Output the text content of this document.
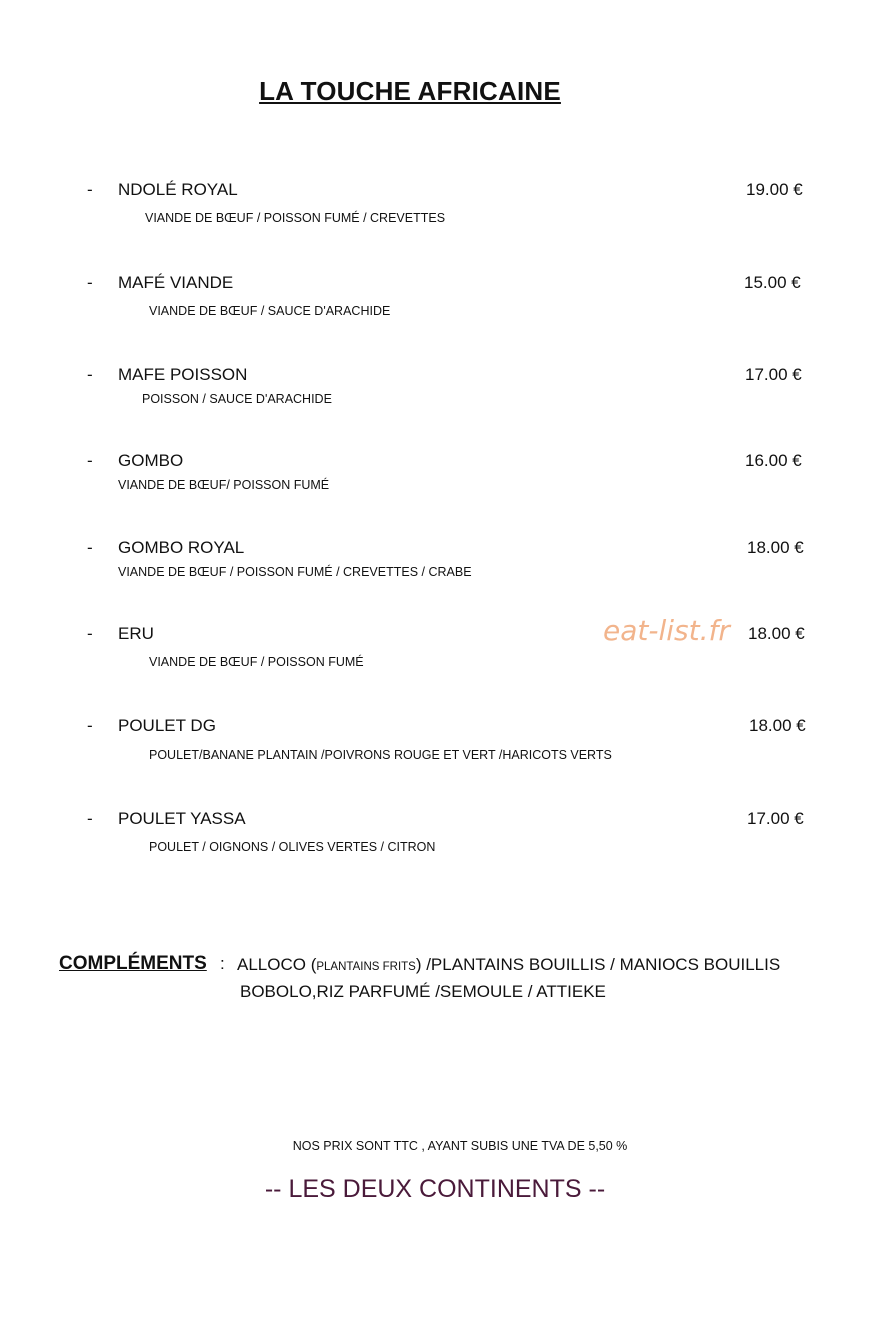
LA TOUCHE AFRICAINE
- NDOLÉ ROYAL	19.00 €
VIANDE DE BŒUF / POISSON FUMÉ / CREVETTES
- MAFÉ VIANDE	15.00 €
VIANDE DE BŒUF / SAUCE D'ARACHIDE
- MAFE POISSON	17.00 €
POISSON / SAUCE D'ARACHIDE
- GOMBO	16.00 €
VIANDE DE BŒUF/ POISSON FUMÉ
- GOMBO ROYAL	18.00 €
VIANDE DE BŒUF / POISSON FUMÉ / CREVETTES / CRABE
- ERU	18.00 €
VIANDE DE BŒUF / POISSON FUMÉ
eat-list.fr
- POULET DG	18.00 €
POULET/BANANE PLANTAIN /POIVRONS ROUGE ET VERT /HARICOTS VERTS
- POULET YASSA	17.00 €
POULET / OIGNONS / OLIVES VERTES / CITRON
COMPLÉMENTS : ALLOCO (PLANTAINS FRITS) /PLANTAINS BOUILLIS / MANIOCS BOUILLIS
BOBOLO,RIZ PARFUMÉ /SEMOULE / ATTIEKE
NOS PRIX SONT TTC , AYANT SUBIS UNE TVA DE 5,50 %
-- LES DEUX CONTINENTS --
